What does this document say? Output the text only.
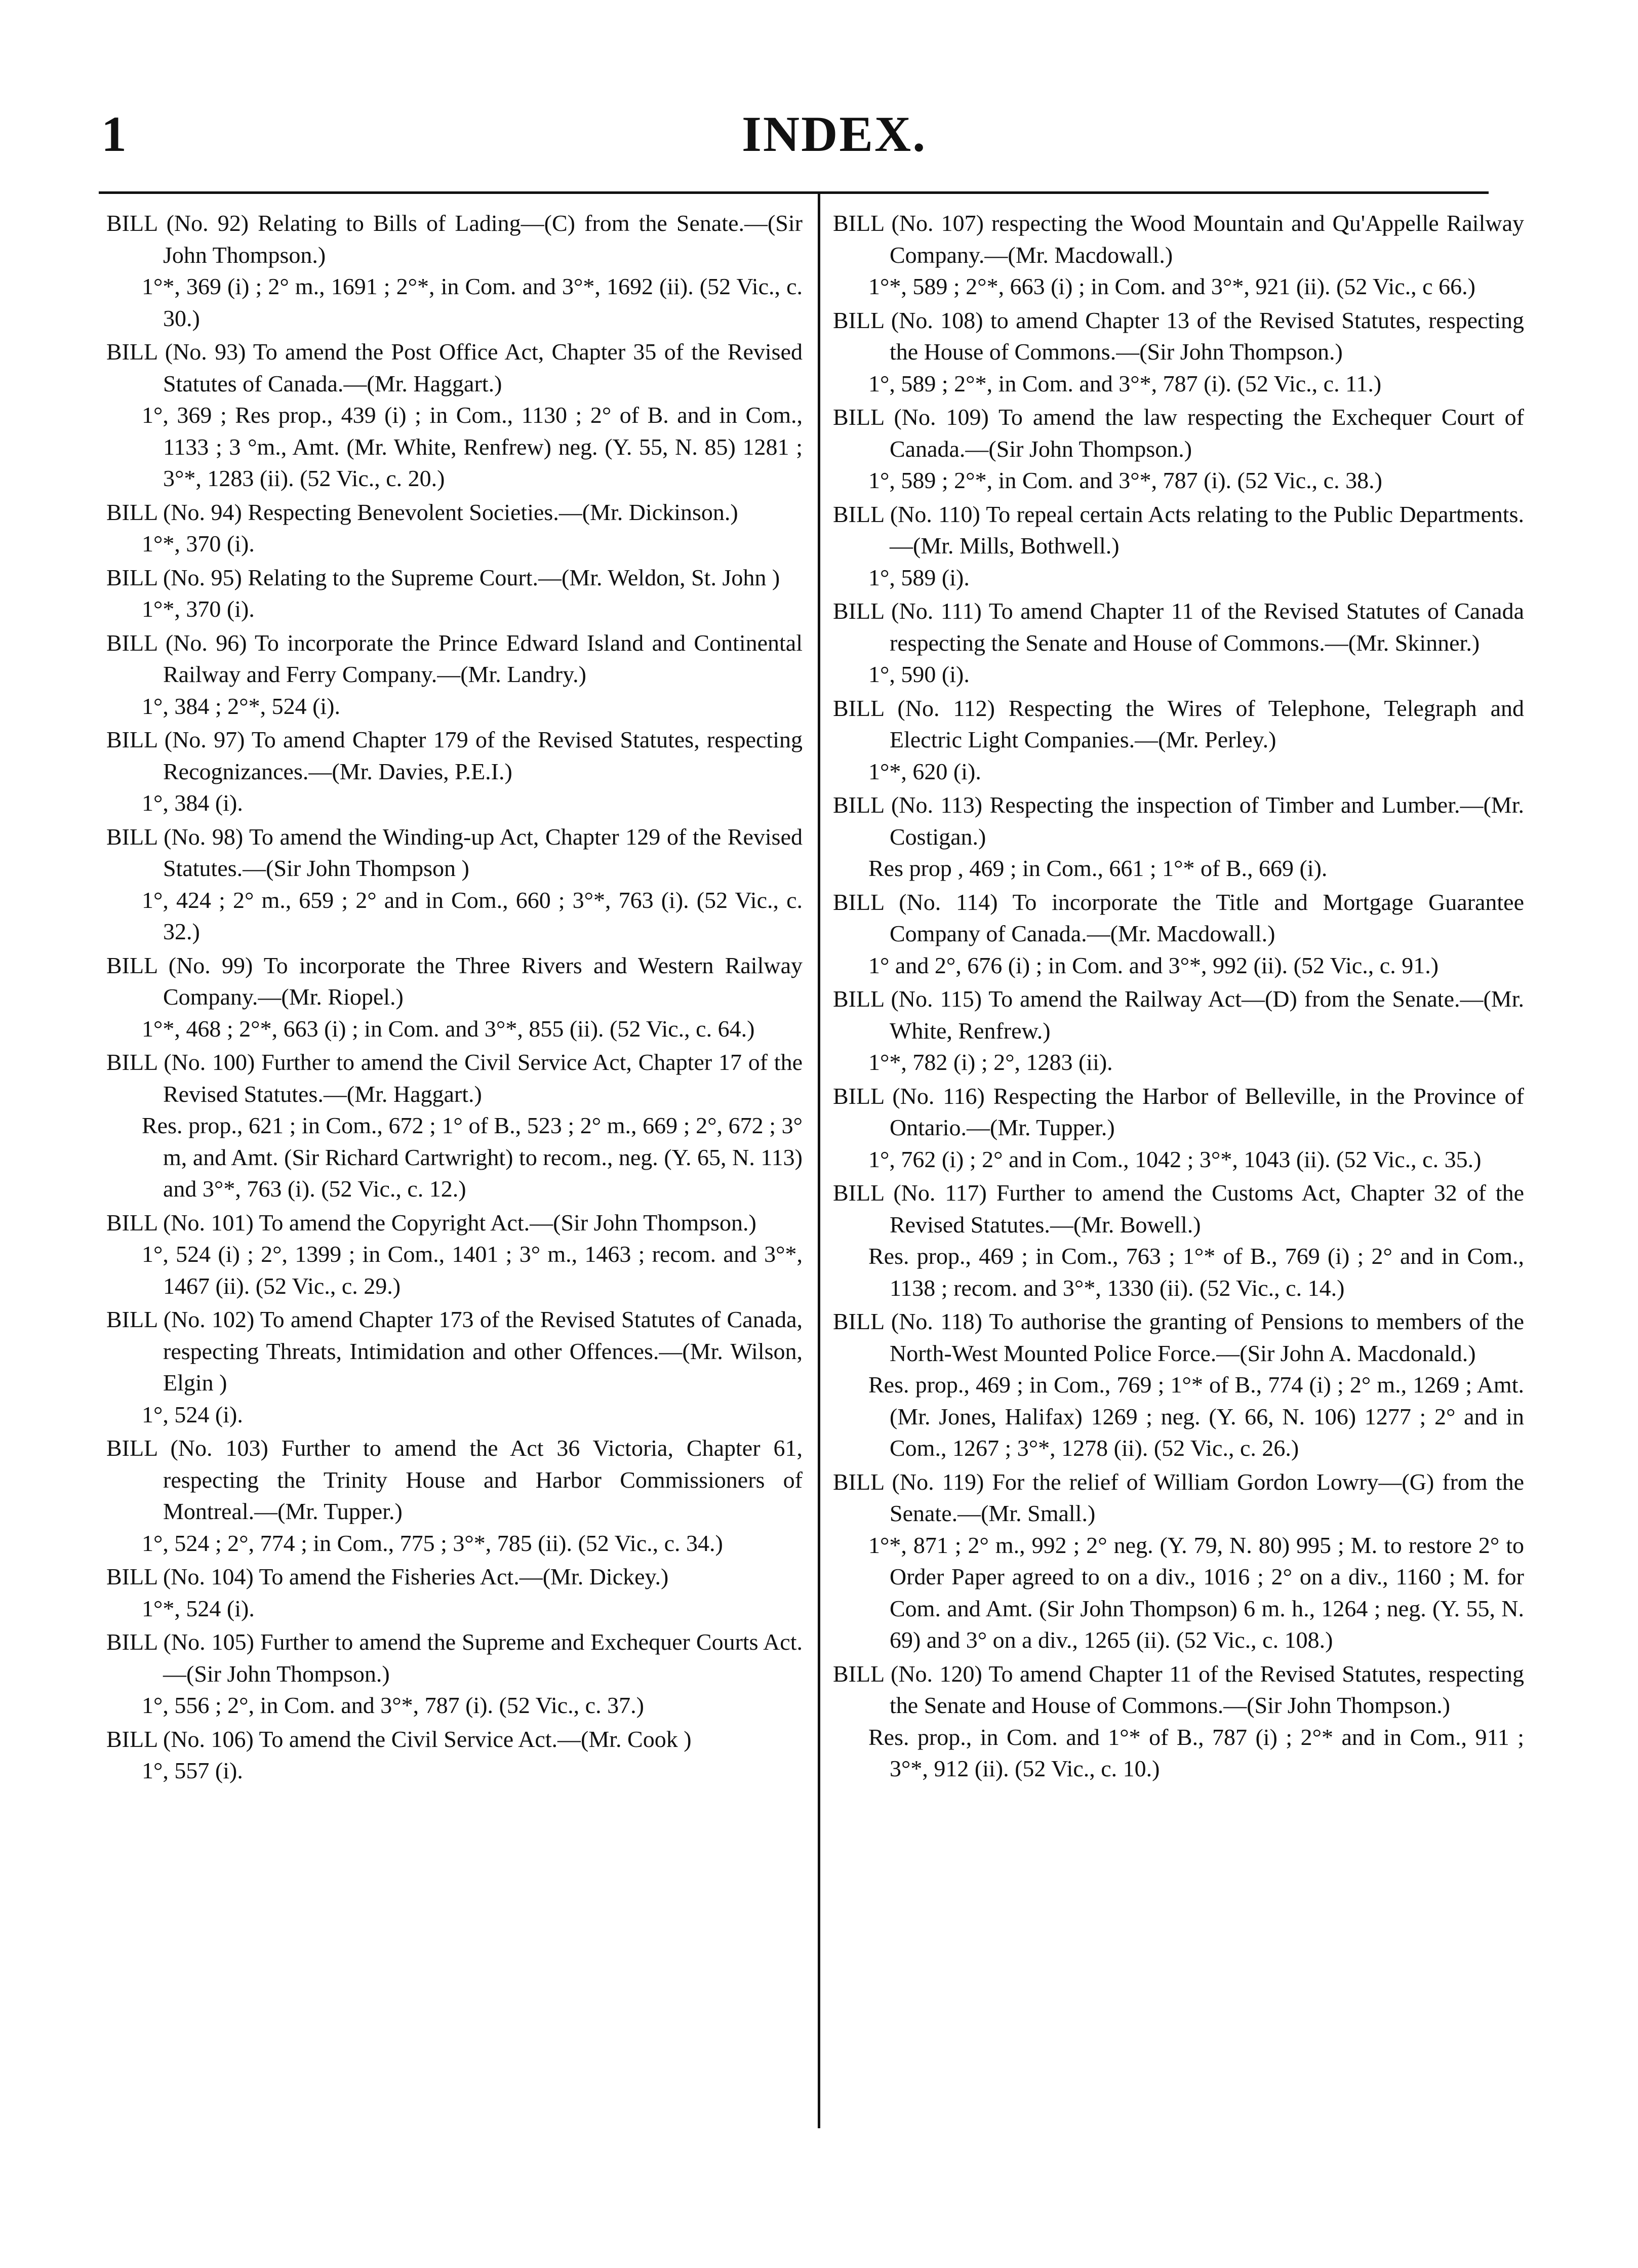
1	INDEX.
BILL (No. 92) Relating to Bills of Lading—(C) from the Senate.—(Sir John Thompson.)
1°*, 369 (i) ; 2° m., 1691 ; 2°*, in Com. and 3°*, 1692 (ii). (52 Vic., c. 30.)
BILL (No. 93) To amend the Post Office Act, Chapter 35 of the Revised Statutes of Canada.—(Mr. Haggart.)
1°, 369 ; Res prop., 439 (i) ; in Com., 1130 ; 2° of B. and in Com., 1133 ; 3 °m., Amt. (Mr. White, Renfrew) neg. (Y. 55, N. 85) 1281 ; 3°*, 1283 (ii). (52 Vic., c. 20.)
BILL (No. 94) Respecting Benevolent Societies.—(Mr. Dickinson.)
1°*, 370 (i).
BILL (No. 95) Relating to the Supreme Court.—(Mr. Weldon, St. John )
1°*, 370 (i).
BILL (No. 96) To incorporate the Prince Edward Island and Continental Railway and Ferry Company.—(Mr. Landry.)
1°, 384 ; 2°*, 524 (i).
BILL (No. 97) To amend Chapter 179 of the Revised Statutes, respecting Recognizances.—(Mr. Davies, P.E.I.)
1°, 384 (i).
BILL (No. 98) To amend the Winding-up Act, Chapter 129 of the Revised Statutes.—(Sir John Thompson )
1°, 424 ; 2° m., 659 ; 2° and in Com., 660 ; 3°*, 763 (i). (52 Vic., c. 32.)
BILL (No. 99) To incorporate the Three Rivers and Western Railway Company.—(Mr. Riopel.)
1°*, 468 ; 2°*, 663 (i) ; in Com. and 3°*, 855 (ii). (52 Vic., c. 64.)
BILL (No. 100) Further to amend the Civil Service Act, Chapter 17 of the Revised Statutes.—(Mr. Haggart.)
Res. prop., 621 ; in Com., 672 ; 1° of B., 523 ; 2° m., 669 ; 2°, 672 ; 3° m, and Amt. (Sir Richard Cartwright) to recom., neg. (Y. 65, N. 113) and 3°*, 763 (i). (52 Vic., c. 12.)
BILL (No. 101) To amend the Copyright Act.—(Sir John Thompson.)
1°, 524 (i) ; 2°, 1399 ; in Com., 1401 ; 3° m., 1463 ; recom. and 3°*, 1467 (ii). (52 Vic., c. 29.)
BILL (No. 102) To amend Chapter 173 of the Revised Statutes of Canada, respecting Threats, Intimidation and other Offences.—(Mr. Wilson, Elgin )
1°, 524 (i).
BILL (No. 103) Further to amend the Act 36 Victoria, Chapter 61, respecting the Trinity House and Harbor Commissioners of Montreal.—(Mr. Tupper.)
1°, 524 ; 2°, 774 ; in Com., 775 ; 3°*, 785 (ii). (52 Vic., c. 34.)
BILL (No. 104) To amend the Fisheries Act.—(Mr. Dickey.)
1°*, 524 (i).
BILL (No. 105) Further to amend the Supreme and Exchequer Courts Act.—(Sir John Thompson.)
1°, 556 ; 2°, in Com. and 3°*, 787 (i). (52 Vic., c. 37.)
BILL (No. 106) To amend the Civil Service Act.—(Mr. Cook )
1°, 557 (i).
BILL (No. 107) respecting the Wood Mountain and Qu'Appelle Railway Company.—(Mr. Macdowall.)
1°*, 589 ; 2°*, 663 (i) ; in Com. and 3°*, 921 (ii). (52 Vic., c 66.)
BILL (No. 108) to amend Chapter 13 of the Revised Statutes, respecting the House of Commons.—(Sir John Thompson.)
1°, 589 ; 2°*, in Com. and 3°*, 787 (i). (52 Vic., c. 11.)
BILL (No. 109) To amend the law respecting the Exchequer Court of Canada.—(Sir John Thompson.)
1°, 589 ; 2°*, in Com. and 3°*, 787 (i). (52 Vic., c. 38.)
BILL (No. 110) To repeal certain Acts relating to the Public Departments.—(Mr. Mills, Bothwell.)
1°, 589 (i).
BILL (No. 111) To amend Chapter 11 of the Revised Statutes of Canada respecting the Senate and House of Commons.—(Mr. Skinner.)
1°, 590 (i).
BILL (No. 112) Respecting the Wires of Telephone, Telegraph and Electric Light Companies.—(Mr. Perley.)
1°*, 620 (i).
BILL (No. 113) Respecting the inspection of Timber and Lumber.—(Mr. Costigan.)
Res prop , 469 ; in Com., 661 ; 1°* of B., 669 (i).
BILL (No. 114) To incorporate the Title and Mortgage Guarantee Company of Canada.—(Mr. Macdowall.)
1° and 2°, 676 (i) ; in Com. and 3°*, 992 (ii). (52 Vic., c. 91.)
BILL (No. 115) To amend the Railway Act—(D) from the Senate.—(Mr. White, Renfrew.)
1°*, 782 (i) ; 2°, 1283 (ii).
BILL (No. 116) Respecting the Harbor of Belleville, in the Province of Ontario.—(Mr. Tupper.)
1°, 762 (i) ; 2° and in Com., 1042 ; 3°*, 1043 (ii). (52 Vic., c. 35.)
BILL (No. 117) Further to amend the Customs Act, Chapter 32 of the Revised Statutes.—(Mr. Bowell.)
Res. prop., 469 ; in Com., 763 ; 1°* of B., 769 (i) ; 2° and in Com., 1138 ; recom. and 3°*, 1330 (ii). (52 Vic., c. 14.)
BILL (No. 118) To authorise the granting of Pensions to members of the North-West Mounted Police Force.—(Sir John A. Macdonald.)
Res. prop., 469 ; in Com., 769 ; 1°* of B., 774 (i) ; 2° m., 1269 ; Amt. (Mr. Jones, Halifax) 1269 ; neg. (Y. 66, N. 106) 1277 ; 2° and in Com., 1267 ; 3°*, 1278 (ii). (52 Vic., c. 26.)
BILL (No. 119) For the relief of William Gordon Lowry—(G) from the Senate.—(Mr. Small.)
1°*, 871 ; 2° m., 992 ; 2° neg. (Y. 79, N. 80) 995 ; M. to restore 2° to Order Paper agreed to on a div., 1016 ; 2° on a div., 1160 ; M. for Com. and Amt. (Sir John Thompson) 6 m. h., 1264 ; neg. (Y. 55, N. 69) and 3° on a div., 1265 (ii). (52 Vic., c. 108.)
BILL (No. 120) To amend Chapter 11 of the Revised Statutes, respecting the Senate and House of Commons.—(Sir John Thompson.)
Res. prop., in Com. and 1°* of B., 787 (i) ; 2°* and in Com., 911 ; 3°*, 912 (ii). (52 Vic., c. 10.)
